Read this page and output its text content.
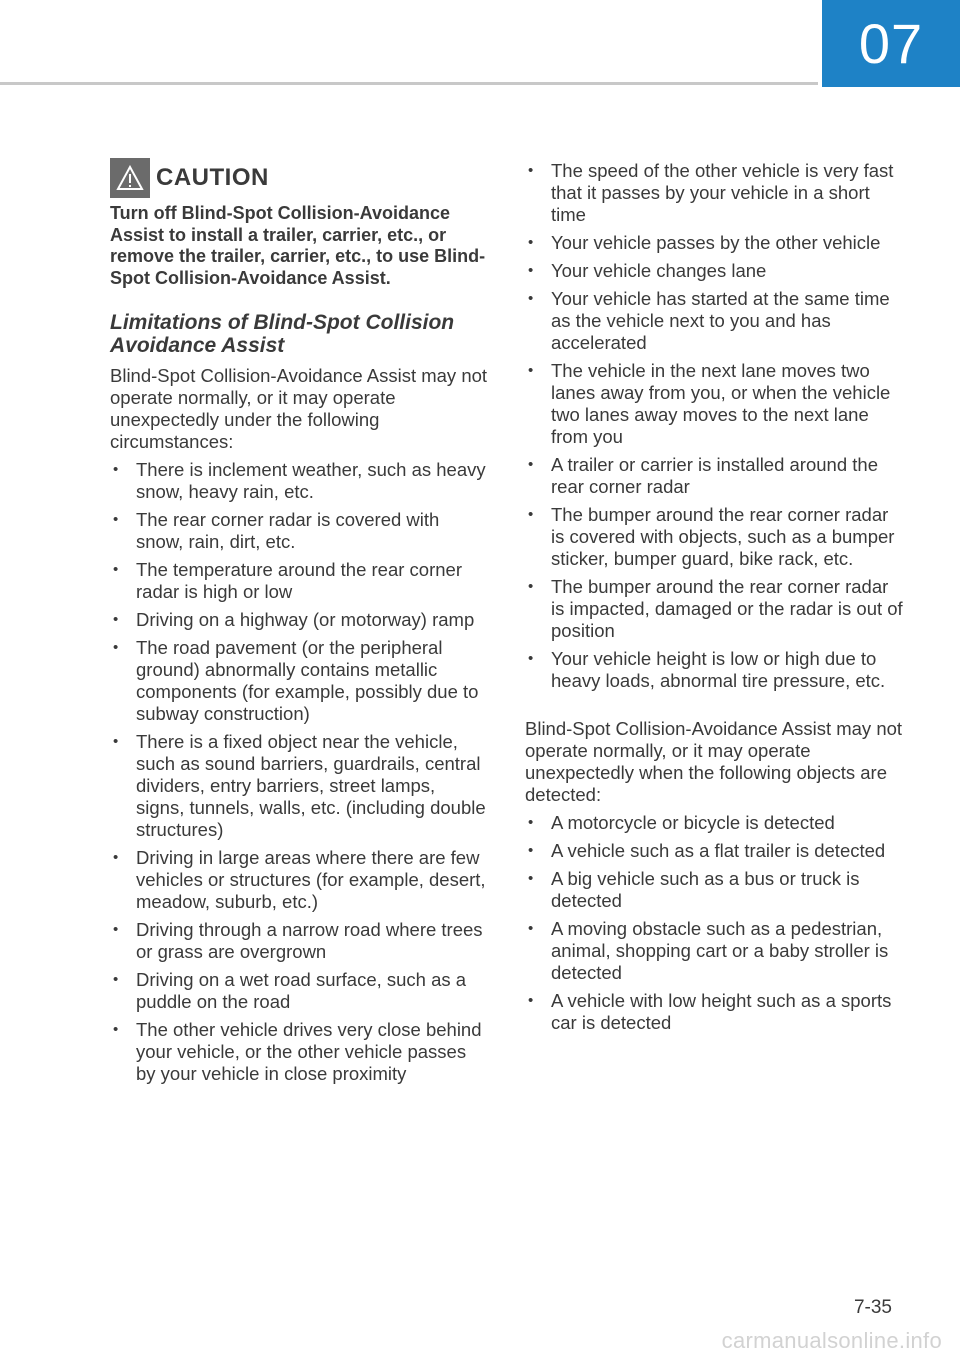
07
CAUTION

Turn off Blind-Spot Collision-Avoidance Assist to install a trailer, carrier, etc., or remove the trailer, carrier, etc., to use Blind-Spot Collision-Avoidance Assist.

Limitations of Blind-Spot Collision Avoidance Assist

Blind-Spot Collision-Avoidance Assist may not operate normally, or it may operate unexpectedly under the following circumstances:

• There is inclement weather, such as heavy snow, heavy rain, etc.
• The rear corner radar is covered with snow, rain, dirt, etc.
• The temperature around the rear corner radar is high or low
• Driving on a highway (or motorway) ramp
• The road pavement (or the peripheral ground) abnormally contains metallic components (for example, possibly due to subway construction)
• There is a fixed object near the vehicle, such as sound barriers, guardrails, central dividers, entry barriers, street lamps, signs, tunnels, walls, etc. (including double structures)
• Driving in large areas where there are few vehicles or structures (for example, desert, meadow, suburb, etc.)
• Driving through a narrow road where trees or grass are overgrown
• Driving on a wet road surface, such as a puddle on the road
• The other vehicle drives very close behind your vehicle, or the other vehicle passes by your vehicle in close proximity
• The speed of the other vehicle is very fast that it passes by your vehicle in a short time
• Your vehicle passes by the other vehicle
• Your vehicle changes lane
• Your vehicle has started at the same time as the vehicle next to you and has accelerated
• The vehicle in the next lane moves two lanes away from you, or when the vehicle two lanes away moves to the next lane from you
• A trailer or carrier is installed around the rear corner radar
• The bumper around the rear corner radar is covered with objects, such as a bumper sticker, bumper guard, bike rack, etc.
• The bumper around the rear corner radar is impacted, damaged or the radar is out of position
• Your vehicle height is low or high due to heavy loads, abnormal tire pressure, etc.

Blind-Spot Collision-Avoidance Assist may not operate normally, or it may operate unexpectedly when the following objects are detected:

• A motorcycle or bicycle is detected
• A vehicle such as a flat trailer is detected
• A big vehicle such as a bus or truck is detected
• A moving obstacle such as a pedestrian, animal, shopping cart or a baby stroller is detected
• A vehicle with low height such as a sports car is detected
7-35
carmanualsonline.info
